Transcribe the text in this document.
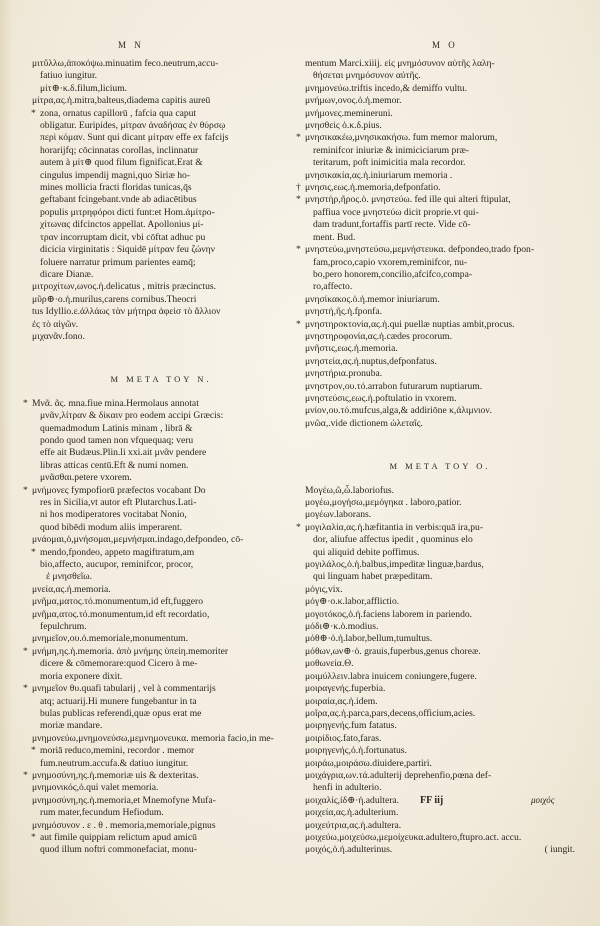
M N	M O
μιτὔλλω,ἀποκόψω.minuatim feco.neutrum,accu-
fatiuo iungitur.
μίτ⊕·κ.δ.filum,licium.
μίτρα,ας.ἡ.mitra,balteus,diadema capitis aureū
* zona, ornatus capillorū , fafcia qua caput
obligatur. Euripides, μίτραν ἀναδήσας ἐν θύρσῳ
περὶ κόμαν. Sunt qui dicant μίτραν effe ex fafcijs
horarijfq; cōcinnatas corollas, inclinnatur
autem à μίτ⊕ quod filum fignificat.Erat &
cingulus impendij magni,quo Siriæ ho-
mines mollicia fracti floridas tunicas,q̄s
geftabant fcingebant.vnde ab adiacētibus
populis μιτρηφόροι dicti funt:et Hom.ἀμίτρο-
χίτωνας difcinctos appellat. Apollonius μί-
τραν incorruptam dicit, vbi cōftat adhuc pu
dicicia virginitatis : Siquidē μίτραν feu ζώνην
foluere narratur primum parientes eamq̄;
dicare Dianæ.
μιτροχίτων,ωνος.ἡ.delicatus , mitris præcinctus.
μῦρ⊕·ο.ἡ.murilus,carens cornibus.Theocri
tus Idyllio.ε.ἀλλάως τὰν μήτηρα ἀφεὶσ τὸ ἄλλιον
ἐς τὸ αἰγῶν.
μιχανᾶν.fono.
M META TOY N.
* Μνᾶ. ᾶς. mna.fiue mina.Hermolaus annotat
μνᾶν,λίτραν & δίκαιν pro eodem accipi Græcis:
quemadmodum Latinis minam , librā &
pondo quod tamen non vfquequaq; veru
effe ait Budæus.Plin.li xxi.ait μνᾶν pendere
libras atticas centū.Eft & numi nomen.
μνᾶσθαι.petere vxorem.
* μνήμονες fympofiorū præfectos vocabant Do
res in Sicilia,vt autor eft Plutarchus.Lati-
ni hos modiperatores vocitabat Nonio,
quod bibēdi modum aliis imperarent.
μνάομαι,ὁ,μνήσομαι,μεμνήσμαι.indago,defpondeo, cō-
* mendo,fpondeo, appeto magiftratum,am
bio,affecto, aucupor, reminifcor, procor,
ἐ μνησθεῖω.
μνεία,ας.ἡ.memoria.
μνῆμα,ματος.τό.monumentum,id eft,fuggero
μνῆμα,ατος.τό.monumentum,id eft recordatio,
fepulchrum.
μνημεῖον,ου.ὁ.memoriale,monumentum.
* μνήμη,ης.ἡ.memoria. ἀπὸ μνήμης ὑπείη.memoriter
dicere & cōmemorare:quod Cicero à me-
moria exponere dixit.
* μνημεῖον θυ.quafi tabularij , vel à commentarijs
atq; actuarij.Hi munere fungebantur in ta
bulas publicas referendi,quæ opus erat me
moriæ mandare.
μνημονεύω,μνημονεύσω,μεμνημονευκα. memoria facio,in me-
* moriā reduco,memini, recordor . memor
fum.neutrum.accufa.& datiuo iungitur.
* μνημοσύνη,ης.ἡ.memoriæ uis & dexteritas.
μνημονικός,ὁ.qui valet memoria.
μνημοσύνη,ης.ἡ.memoria,et Mnemofyne Mufa-
rum mater,fecundum Hefiodum.
μνημόσυνον . ε . θ . memoria,memoriale,pignus
* aut fimile quippiam relictum apud amicū
quod illum noftri commonefaciat, monu-
mentum Marci.xiiij. εἰς μνημόσυνον αὐτῆς λαλη-
θήσεται μνημόσυνον αὐτῆς.
μνημονεύω.triftis incedo,& demiffo vultu.
μνήμων,ονος.ὁ.ἡ.memor.
μνήμονες.memineruni.
μνησθεὶς ὁ.κ.δ.pius.
* μνησικακέω,μνησικακήσω. fum memor malorum,
reminifcor iniuriæ & inimiciciarum præ-
teritarum, poft inimicitia mala recordor.
μνησικακία,ας.ἡ.iniuriarum memoria .
† μνησις,εως.ἡ.memoria,defponfatio.
* μνηστὴρ,ῆρος.ὁ. μνηστεύω. fed ille qui alteri ftipulat,
paffiua voce μνηστεύω dicit proprie.vt qui-
dam tradunt,fortaffis partī recte. Vide cō-
ment. Bud.
* μνηστεύω,μνηστεύσω,μεμνήστευκα. defpondeo,trado fpon-
fam,proco,capio vxorem,reminifcor, nu-
bo,pero honorem,concilio,afcifco,compa-
ro,affecto.
μνησίκακος.ὁ.ἡ.memor iniuriarum.
μνηστή,ῆς.ἡ.fponfa.
* μνηστηροκτονία,ας.ἡ.qui puellæ nuptias ambit,procus.
μνηστηροφονία,ας.ἡ.cædes procorum.
μνῆστις,εως.ἡ.memoria.
μνηστεία,ας.ἡ.nuptus,defponfatus.
μνηστήρια.pronuba.
μνηστρον,ου.τό.arrabon futurarum nuptiarum.
μνηστεύσις,εως.ἡ.poftulatio in vxorem.
μνίον,ου.τό.mufcus,alga,& addiriōne κ,ἀλιμνιον.
μνῶα,.vide dictionem ὠλεταῖς.
M META TOY O.
Μογέω,ῶ,ὦ.laboriofus.
μογέω,μογήσω,μεμόγηκα . laboro,patior.
μογέων.laborans.
* μογιλαλία,ας.ἡ.hæfitantia in verbis:quā ira,pu-
dor, aliufue affectus ipedit , quominus elo
qui aliquid debite poffimus.
μογιλάλος,ὁ.ἡ.balbus,impeditæ linguæ,bardus,
qui linguam habet præpeditam.
μόγις,vix.
μόγ⊕·ο.κ.labor,afflictio.
μογοτόκος,ὁ.ἡ.faciens laborem in pariendo.
μόδι⊕·κ.ὁ.modius.
μόθ⊕·ὁ.ἡ.labor,bellum,tumultus.
μόθων,ων⊕·ὁ. grauis,fuperbus,genus choreæ.
μοθωνεία.Θ.
μοιμύλλειν.labra inuicem coniungere,fugere.
μοιραγενής.fuperbia.
μοιραία,ας.ἡ.idem.
μοῖρα,ας.ἡ.parca,pars,decens,officium,acies.
μοιρηγενής.fum fatatus.
μοιρίδιος.fato,faras.
μοιρηγενής,ὁ.ἡ.fortunatus.
μοιράω,μοιράσω.diuidere,partiri.
μοιχάγρια,ων.τά.adulterij deprehenfio,pœna def-
henfi in adulterio.
μοιχαλίς,ίδ⊕·ἡ.adultera.
μοιχεία,ας.ἡ.adulterium.
μοιχεύτρια,ας.ἡ.adultera.
μοιχεύω,μοιχεύσω,μεμοίχευκα.adultero,ftupro.act. accu.
μοιχός,ὁ.ἡ.adulterinus.	( iungit.
FF iij	μοιχός
